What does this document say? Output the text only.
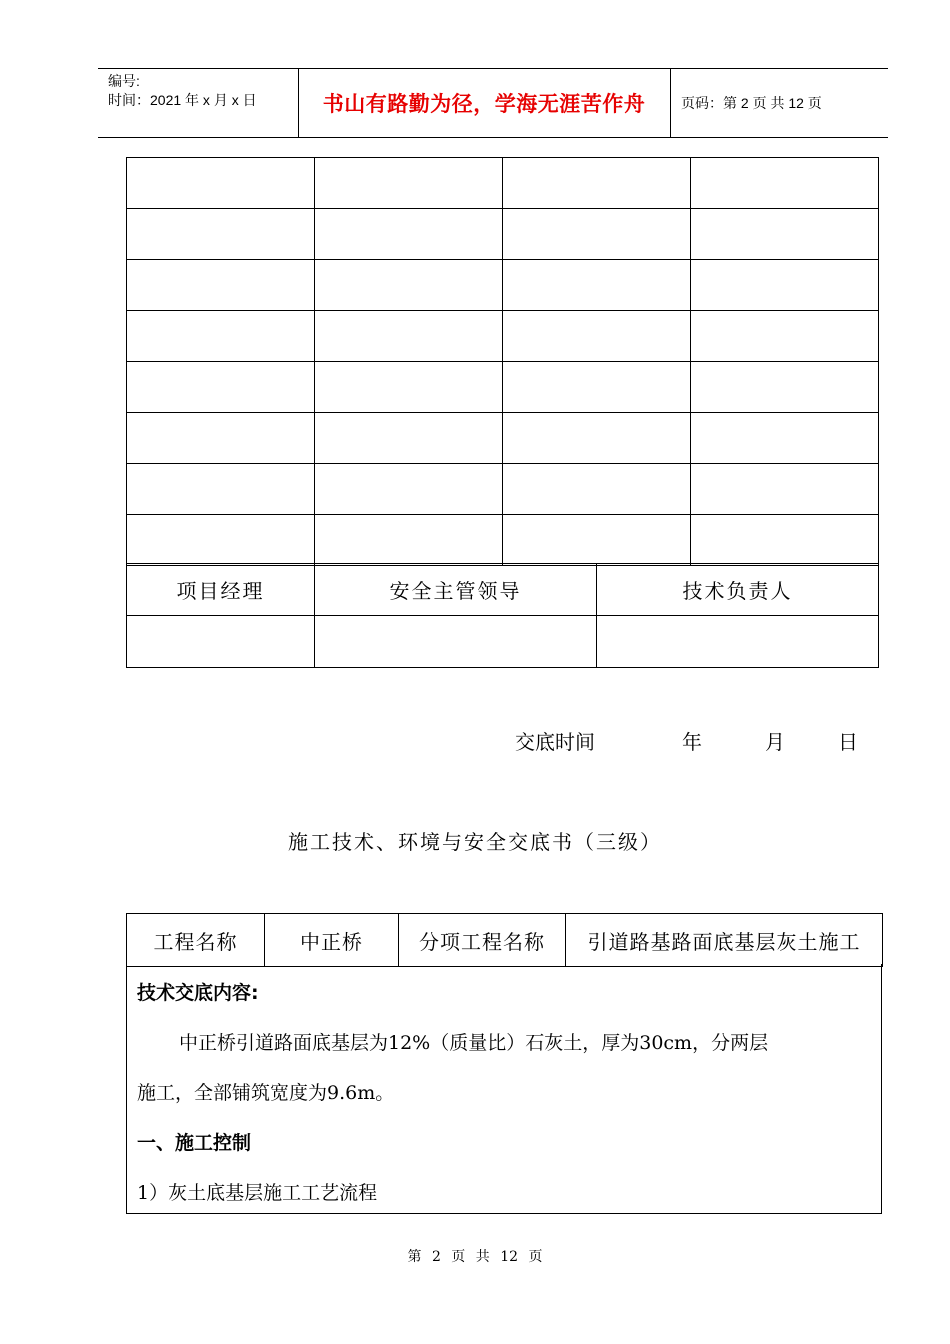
编号:
时间：2021 年 x 月 x 日	书山有路勤为径，学海无涯苦作舟	页码：第 2 页 共 12 页

项目经理	安全主管领导	技术负责人

交底时间	年	月	日
施工技术、环境与安全交底书（三级）
工程名称	中正桥	分项工程名称	引道路基路面底基层灰土施工
技术交底内容:
中正桥引道路面底基层为12%（质量比）石灰土，厚为30cm，分两层
施工，全部铺筑宽度为9.6m。
一、施工控制
1）灰土底基层施工工艺流程
第 2 页 共 12 页
